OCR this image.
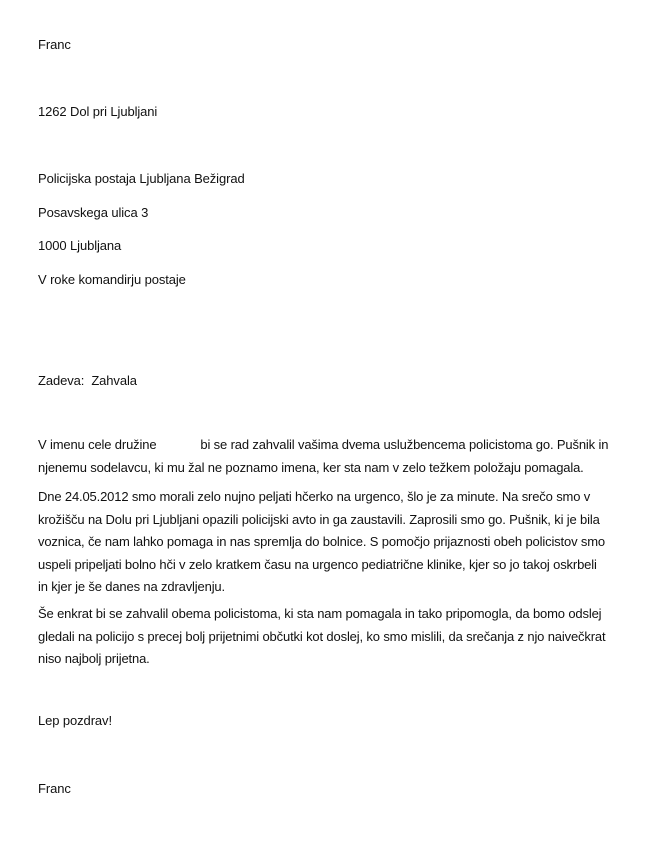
Franc
1262 Dol pri Ljubljani
Policijska postaja Ljubljana Bežigrad
Posavskega ulica 3
1000 Ljubljana
V roke komandirju postaje
Zadeva: Zahvala
V imenu cele družine	bi se rad zahvalil vašima dvema uslužbencema policistoma go. Pušnik in
njenemu sodelavcu, ki mu žal ne poznamo imena, ker sta nam v zelo težkem položaju pomagala.
Dne 24.05.2012 smo morali zelo nujno peljati hčerko na urgenco, šlo je za minute. Na srečo smo v
krožišču na Dolu pri Ljubljani opazili policijski avto in ga zaustavili. Zaprosili smo go. Pušnik, ki je bila
voznica, če nam lahko pomaga in nas spremlja do bolnice. S pomočjo prijaznosti obeh policistov smo
uspeli pripeljati bolno hči v zelo kratkem času na urgenco pediatrične klinike, kjer so jo takoj oskrbeli
in kjer je še danes na zdravljenju.
Še enkrat bi se zahvalil obema policistoma, ki sta nam pomagala in tako pripomogla, da bomo odslej
gledali na policijo s precej bolj prijetnimi občutki kot doslej, ko smo mislili, da srečanja z njo naivečkrat
niso najbolj prijetna.
Lep pozdrav!
Franc
